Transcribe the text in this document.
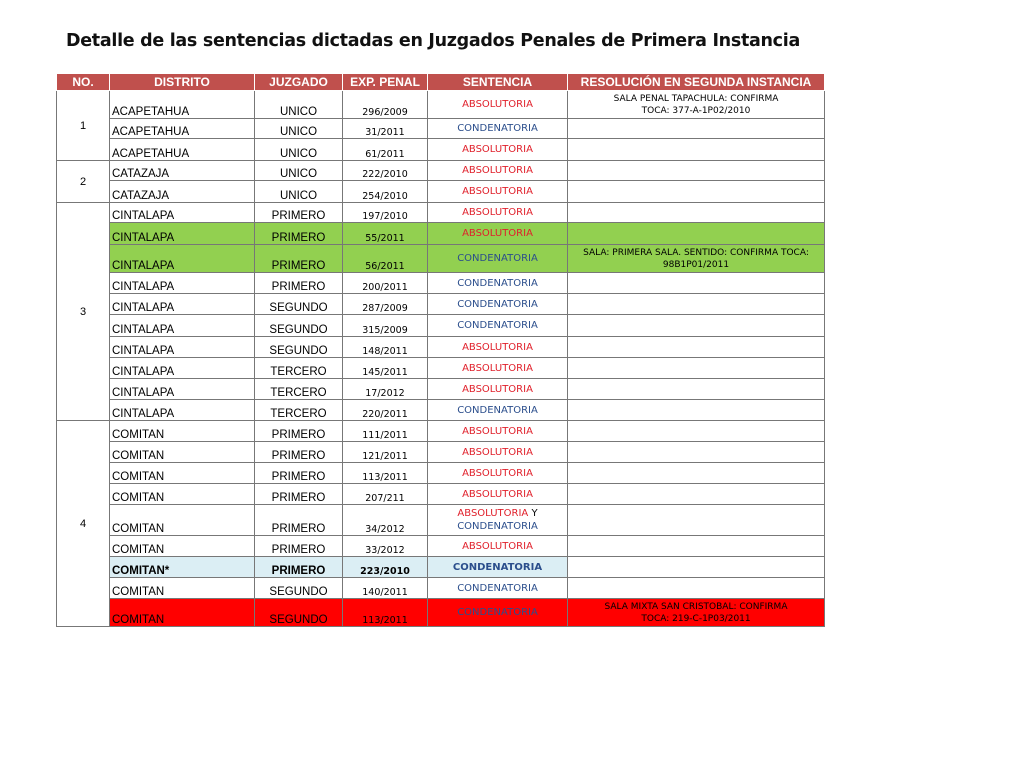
Detalle de las sentencias dictadas en Juzgados Penales de Primera Instancia
NO.	DISTRITO	JUZGADO	EXP. PENAL	SENTENCIA	RESOLUCIÓN EN SEGUNDA INSTANCIA
1	ACAPETAHUA	UNICO	296/2009	ABSOLUTORIA	SALA PENAL TAPACHULA: CONFIRMA
TOCA: 377-A-1P02/2010

	ACAPETAHUA	UNICO	31/2011	CONDENATORIA	
	ACAPETAHUA	UNICO	61/2011	ABSOLUTORIA	
2	CATAZAJA	UNICO	222/2010	ABSOLUTORIA	
	CATAZAJA	UNICO	254/2010	ABSOLUTORIA	
3	CINTALAPA	PRIMERO	197/2010	ABSOLUTORIA	
	CINTALAPA	PRIMERO	55/2011	ABSOLUTORIA	
	CINTALAPA	PRIMERO	56/2011	CONDENATORIA	SALA: PRIMERA SALA. SENTIDO: CONFIRMA TOCA:
98B1P01/2011

	CINTALAPA	PRIMERO	200/2011	CONDENATORIA	
	CINTALAPA	SEGUNDO	287/2009	CONDENATORIA	
	CINTALAPA	SEGUNDO	315/2009	CONDENATORIA	
	CINTALAPA	SEGUNDO	148/2011	ABSOLUTORIA	
	CINTALAPA	TERCERO	145/2011	ABSOLUTORIA	
	CINTALAPA	TERCERO	17/2012	ABSOLUTORIA	
	CINTALAPA	TERCERO	220/2011	CONDENATORIA	
4	COMITAN	PRIMERO	111/2011	ABSOLUTORIA	
	COMITAN	PRIMERO	121/2011	ABSOLUTORIA	
	COMITAN	PRIMERO	113/2011	ABSOLUTORIA	
	COMITAN	PRIMERO	207/211	ABSOLUTORIA	
	COMITAN	PRIMERO	34/2012	ABSOLUTORIA Y
CONDENATORIA	
	COMITAN	PRIMERO	33/2012	ABSOLUTORIA	
	COMITAN*	PRIMERO	223/2010	CONDENATORIA	
	COMITAN	SEGUNDO	140/2011	CONDENATORIA	
	COMITAN	SEGUNDO	113/2011	CONDENATORIA	SALA MIXTA SAN CRISTOBAL: CONFIRMA
TOCA: 219-C-1P03/2011
